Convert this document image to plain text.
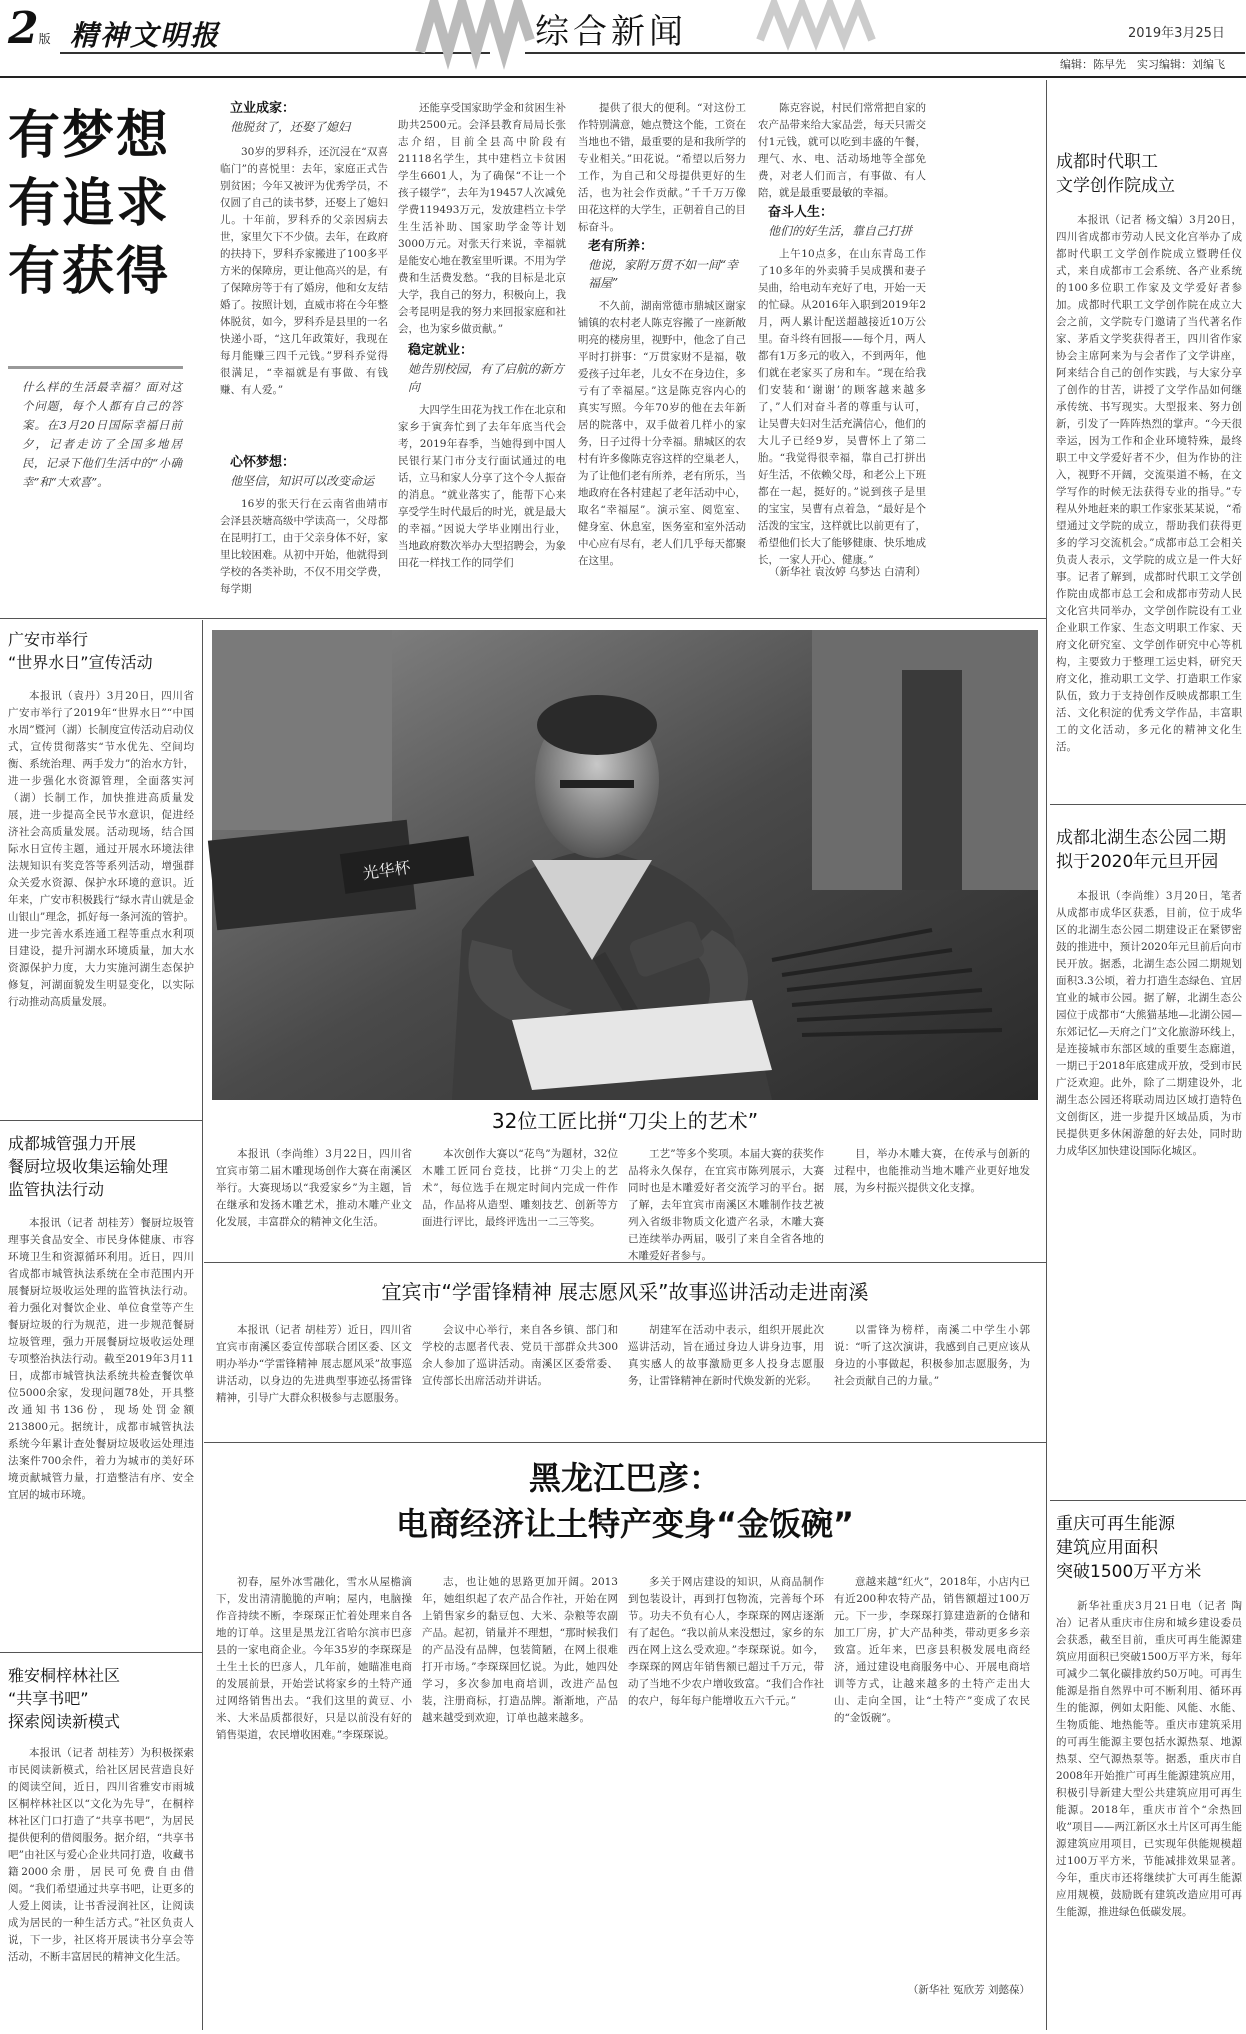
2版 精神文明报	综合新闻	2019年3月25日
编辑：陈早先　实习编辑：刘编飞
有梦想
有追求
有获得
什么样的生活最幸福？面对这个问题，每个人都有自己的答案。在3月20日国际幸福日前夕，记者走访了全国多地居民，记录下他们生活中的“小确幸”和“大欢喜”。
立业成家：
他脱贫了，还娶了媳妇
30岁的罗科乔，还沉浸在“双喜临门”的喜悦里：去年，家庭正式告别贫困；今年又被评为优秀学员，不仅圆了自己的读书梦，还娶上了媳妇儿。十年前，罗科乔的父亲因病去世，家里欠下不少债。去年，在政府的扶持下，罗科乔家搬进了100多平方米的保障房，更让他高兴的是，有了保障房等于有了婚房，他和女友结婚了。按照计划，直威市将在今年整体脱贫，如今，罗科乔是县里的一名快递小哥，“这几年政策好，我现在每月能赚三四千元钱。”罗科乔觉得很满足，“幸福就是有事做、有钱赚、有人爱。”
心怀梦想：
他坚信，知识可以改变命运
16岁的张天行在云南省曲靖市会泽县茨塘高级中学读高一，父母都在昆明打工，由于父亲身体不好，家里比较困难。从初中开始，他就得到学校的各类补助，不仅不用交学费，每学期
还能享受国家助学金和贫困生补助共2500元。会泽县教育局局长张志介绍，目前全县高中阶段有21118名学生，其中建档立卡贫困学生6601人，为了确保“不让一个孩子辍学”，去年为19457人次减免学费119493万元，发放建档立卡学生生活补助、国家助学金等计划3000万元。对张天行来说，幸福就是能安心地在教室里听课。不用为学费和生活费发愁。“我的目标是北京大学，我自己的努力，积极向上，我会考昆明是我的努力来回报家庭和社会，也为家乡做贡献。”
稳定就业：
她告别校园，有了启航的新方向
大四学生田花为找工作在北京和家乡于寅奔忙到了去年年底当代会考，2019年春季，当她得到中国人民银行某门市分支行面试通过的电话，立马和家人分享了这个令人振奋的消息。“就业落实了，能帮下心来享受学生时代最后的时光，就是最大的幸福。”因说大学毕业刚出行业，当地政府数次举办大型招聘会，为象田花一样找工作的同学们
提供了很大的便利。“对这份工作特别满意，她点赞这个能，工资在当地也不错，最重要的是和我所学的专业相关。”田花说。“希望以后努力工作，为自己和父母提供更好的生活，也为社会作贡献。”千千万万像田花这样的大学生，正朝着自己的目标奋斗。
老有所养：
他说，家附万贯不如一间“幸福屋”
不久前，湖南常德市鼎城区谢家铺镇的农村老人陈克容搬了一座新敞明亮的楼房里，视野中，他念了自己平时打拼事：“万贯家财不是福，敬爱孩子过年老，儿女不在身边住，多亏有了幸福屋。”这是陈克容内心的真实写照。今年70岁的他在去年新居的院落中，双手做着几样小的家务，日子过得十分幸福。鼎城区的农村有许多像陈克容这样的空巢老人，为了让他们老有所养，老有所乐，当地政府在各村建起了老年活动中心，取名“幸福屋”。演示室、阅览室、健身室、休息室，医务室和室外活动中心应有尽有，老人们几乎每天都聚在这里。
陈克容说，村民们常常把自家的农产品带来给大家品尝，每天只需交付1元钱，就可以吃到丰盛的午餐，理气、水、电、活动场地等全部免费，对老人们而言，有事做、有人陪，就是最重要最敏的幸福。
奋斗人生：
他们的好生活，靠自己打拼
上午10点多，在山东青岛工作了10多年的外卖骑手吴成撰和妻子吴曲，给电动车充好了电，开始一天的忙碌。从2016年入职到2019年2月，两人累计配送超越接近10万公里。奋斗终有回报——每个月，两人都有1万多元的收入，不到两年，他们就在老家买了房和车。“现在给我们安装和‘谢谢’的顾客越来越多了，”人们对奋斗者的尊重与认可，让吴曹夫妇对生活充满信心，他们的大儿子已经9岁，吴曹怀上了第二胎。“我觉得很幸福，靠自己打拼出好生活，不依赖父母，和老公上下班都在一起，挺好的。”说到孩子是里的宝宝，吴曹有点着急，“最好是个活泼的宝宝，这样就比以前更有了，希望他们长大了能够健康、快乐地成长，一家人开心、健康。”
（新华社 袁汝婷 乌梦达 白清利）
成都时代职工
文学创作院成立
本报讯（记者 杨文编）3月20日，四川省成都市劳动人民文化宫举办了成都时代职工文学创作院成立暨聘任仪式，来自成都市工会系统、各产业系统的100多位职工作家及文学爱好者参加。成都时代职工文学创作院在成立大会之前，文学院专门邀请了当代著名作家、茅盾文学奖获得者王，四川省作家协会主席阿来为与会者作了文学讲座，阿来结合自己的创作实践，与大家分享了创作的甘苦，讲授了文学作品如何继承传统、书写现实。大型报来、努力创新，引发了一阵阵热烈的掌声。“今天很幸运，因为工作和企业环境特殊，最终职工中文学爱好者不少，但为作协的注入，视野不开阔，交流渠道不畅，在文学写作的时候无法获得专业的指导。”专程从外地赶来的职工作家张某某说，“希望通过文学院的成立，帮助我们获得更多的学习交流机会。”成都市总工会相关负责人表示，文学院的成立是一件大好事。记者了解到，成都时代职工文学创作院由成都市总工会和成都市劳动人民文化宫共同举办，文学创作院设有工业企业职工作家、生态文明职工作家、天府文化研究室、文学创作研究中心等机构，主要致力于整理工运史料，研究天府文化，推动职工文学、打造职工作家队伍，致力于支持创作反映成都职工生活、文化积淀的优秀文学作品，丰富职工的文化活动，多元化的精神文化生活。
成都北湖生态公园二期
拟于2020年元旦开园
本报讯（李尚维）3月20日，笔者从成都市成华区获悉，目前，位于成华区的北湖生态公园二期建设正在紧锣密鼓的推进中，预计2020年元旦前后向市民开放。据悉，北湖生态公园二期规划面积3.3公顷，着力打造生态绿色、宜居宜业的城市公园。据了解，北湖生态公园位于成都市“大熊猫基地—北湖公园—东郊记忆—天府之门”文化旅游环线上，是连接城市东部区域的重要生态廊道，一期已于2018年底建成开放，受到市民广泛欢迎。此外，除了二期建设外，北湖生态公园还将联动周边区域打造特色文创街区，进一步提升区域品质，为市民提供更多休闲游憩的好去处，同时助力成华区加快建设国际化城区。
重庆可再生能源
建筑应用面积
突破1500万平方米
新华社重庆3月21日电（记者 陶冶）记者从重庆市住房和城乡建设委员会获悉，截至目前，重庆可再生能源建筑应用面积已突破1500万平方米，每年可减少二氧化碳排放约50万吨。可再生能源是指自然界中可不断利用、循环再生的能源，例如太阳能、风能、水能、生物质能、地热能等。重庆市建筑采用的可再生能源主要包括水源热泵、地源热泵、空气源热泵等。据悉，重庆市自2008年开始推广可再生能源建筑应用，积极引导新建大型公共建筑应用可再生能源。2018年，重庆市首个“余热回收”项目——两江新区水土片区可再生能源建筑应用项目，已实现年供能规模超过100万平方米，节能减排效果显著。今年，重庆市还将继续扩大可再生能源应用规模，鼓励既有建筑改造应用可再生能源，推进绿色低碳发展。
广安市举行
“世界水日”宣传活动
本报讯（袁丹）3月20日，四川省广安市举行了2019年“世界水日”“中国水周”暨河（湖）长制度宣传活动启动仪式，宣传贯彻落实“节水优先、空间均衡、系统治理、两手发力”的治水方针，进一步强化水资源管理，全面落实河（湖）长制工作，加快推进高质量发展，进一步提高全民节水意识，促进经济社会高质量发展。活动现场，结合国际水日宣传主题，通过开展水环境法律法规知识有奖竞答等系列活动，增强群众关爱水资源、保护水环境的意识。近年来，广安市积极践行“绿水青山就是金山银山”理念，抓好每一条河流的管护。进一步完善水系连通工程等重点水利项目建设，提升河湖水环境质量，加大水资源保护力度，大力实施河湖生态保护修复，河湖面貌发生明显变化，以实际行动推动高质量发展。
成都城管强力开展
餐厨垃圾收集运输处理
监管执法行动
本报讯（记者 胡桂芳）餐厨垃圾管理事关食品安全、市民身体健康、市容环境卫生和资源循环利用。近日，四川省成都市城管执法系统在全市范围内开展餐厨垃圾收运处理的监管执法行动。着力强化对餐饮企业、单位食堂等产生餐厨垃圾的行为规范，进一步规范餐厨垃圾管理，强力开展餐厨垃圾收运处理专项整治执法行动。截至2019年3月11日，成都市城管执法系统共检查餐饮单位5000余家，发现问题78处，开具整改通知书136份，现场处罚金额213800元。据统计，成都市城管执法系统今年累计查处餐厨垃圾收运处理违法案件700余件，着力为城市的美好环境贡献城管力量，打造整洁有序、安全宜居的城市环境。
雅安桐梓林社区
“共享书吧”
探索阅读新模式
本报讯（记者 胡桂芳）为积极探索市民阅读新模式，给社区居民营造良好的阅读空间，近日，四川省雅安市雨城区桐梓林社区以“文化为先导”，在桐梓林社区门口打造了“共享书吧”，为居民提供便利的借阅服务。据介绍，“共享书吧”由社区与爱心企业共同打造，收藏书籍2000余册，居民可免费自由借阅。“我们希望通过共享书吧，让更多的人爱上阅读，让书香浸润社区，让阅读成为居民的一种生活方式。”社区负责人说，下一步，社区将开展读书分享会等活动，不断丰富居民的精神文化生活。
光华杯
32位工匠比拼“刀尖上的艺术”
本报讯（李尚维）3月22日，四川省宜宾市第二届木雕现场创作大赛在南溪区举行。大赛现场以“我爱家乡”为主题，旨在继承和发扬木雕艺术，推动木雕产业文化发展，丰富群众的精神文化生活。
本次创作大赛以“花鸟”为题材，32位木雕工匠同台竞技，比拼“刀尖上的艺术”，每位选手在规定时间内完成一件作品，作品将从造型、雕刻技艺、创新等方面进行评比，最终评选出一二三等奖。
工艺”等多个奖项。本届大赛的获奖作品将永久保存，在宜宾市陈列展示，大赛同时也是木雕爱好者交流学习的平台。据了解，去年宜宾市南溪区木雕制作技艺被列入省级非物质文化遗产名录，木雕大赛已连续举办两届，吸引了来自全省各地的木雕爱好者参与。
目，举办木雕大赛，在传承与创新的过程中，也能推动当地木雕产业更好地发展，为乡村振兴提供文化支撑。
宜宾市“学雷锋精神 展志愿风采”故事巡讲活动走进南溪
本报讯（记者 胡桂芳）近日，四川省宜宾市南溪区委宣传部联合团区委、区文明办举办“学雷锋精神 展志愿风采”故事巡讲活动，以身边的先进典型事迹弘扬雷锋精神，引导广大群众积极参与志愿服务。
会议中心举行，来自各乡镇、部门和学校的志愿者代表、党员干部群众共300余人参加了巡讲活动。南溪区区委常委、宣传部长出席活动并讲话。
胡建军在活动中表示，组织开展此次巡讲活动，旨在通过身边人讲身边事，用真实感人的故事激励更多人投身志愿服务，让雷锋精神在新时代焕发新的光彩。
以雷锋为榜样，南溪二中学生小郭说：“听了这次演讲，我感到自己更应该从身边的小事做起，积极参加志愿服务，为社会贡献自己的力量。”
黑龙江巴彦：
电商经济让土特产变身“金饭碗”
初春，屋外冰雪融化，雪水从屋檐滴下，发出清清脆脆的声响；屋内，电脑操作音持续不断，李琛琛正忙着处理来自各地的订单。这里是黑龙江省哈尔滨市巴彦县的一家电商企业。今年35岁的李琛琛是土生土长的巴彦人，几年前，她瞄准电商的发展前景，开始尝试将家乡的土特产通过网络销售出去。“我们这里的黄豆、小米、大米品质都很好，只是以前没有好的销售渠道，农民增收困难。”李琛琛说。
志，也让她的思路更加开阔。2013年，她组织起了农产品合作社，开始在网上销售家乡的黏豆包、大米、杂粮等农副产品。起初，销量并不理想，“那时候我们的产品没有品牌，包装简陋，在网上很难打开市场。”李琛琛回忆说。为此，她四处学习，多次参加电商培训，改进产品包装，注册商标，打造品牌。渐渐地，产品越来越受到欢迎，订单也越来越多。
多关于网店建设的知识，从商品制作到包装设计，再到打包物流，完善每个环节。功夫不负有心人，李琛琛的网店逐渐有了起色。“我以前从来没想过，家乡的东西在网上这么受欢迎。”李琛琛说。如今，李琛琛的网店年销售额已超过千万元，带动了当地不少农户增收致富。“我们合作社的农户，每年每户能增收五六千元。”
意越来越“红火”，2018年，小店内已有近200种农特产品，销售额超过100万元。下一步，李琛琛打算建造新的仓储和加工厂房，扩大产品种类，带动更多乡亲致富。近年来，巴彦县积极发展电商经济，通过建设电商服务中心、开展电商培训等方式，让越来越多的土特产走出大山、走向全国，让“土特产”变成了农民的“金饭碗”。
（新华社 冤欣芳 刘懿葆）
